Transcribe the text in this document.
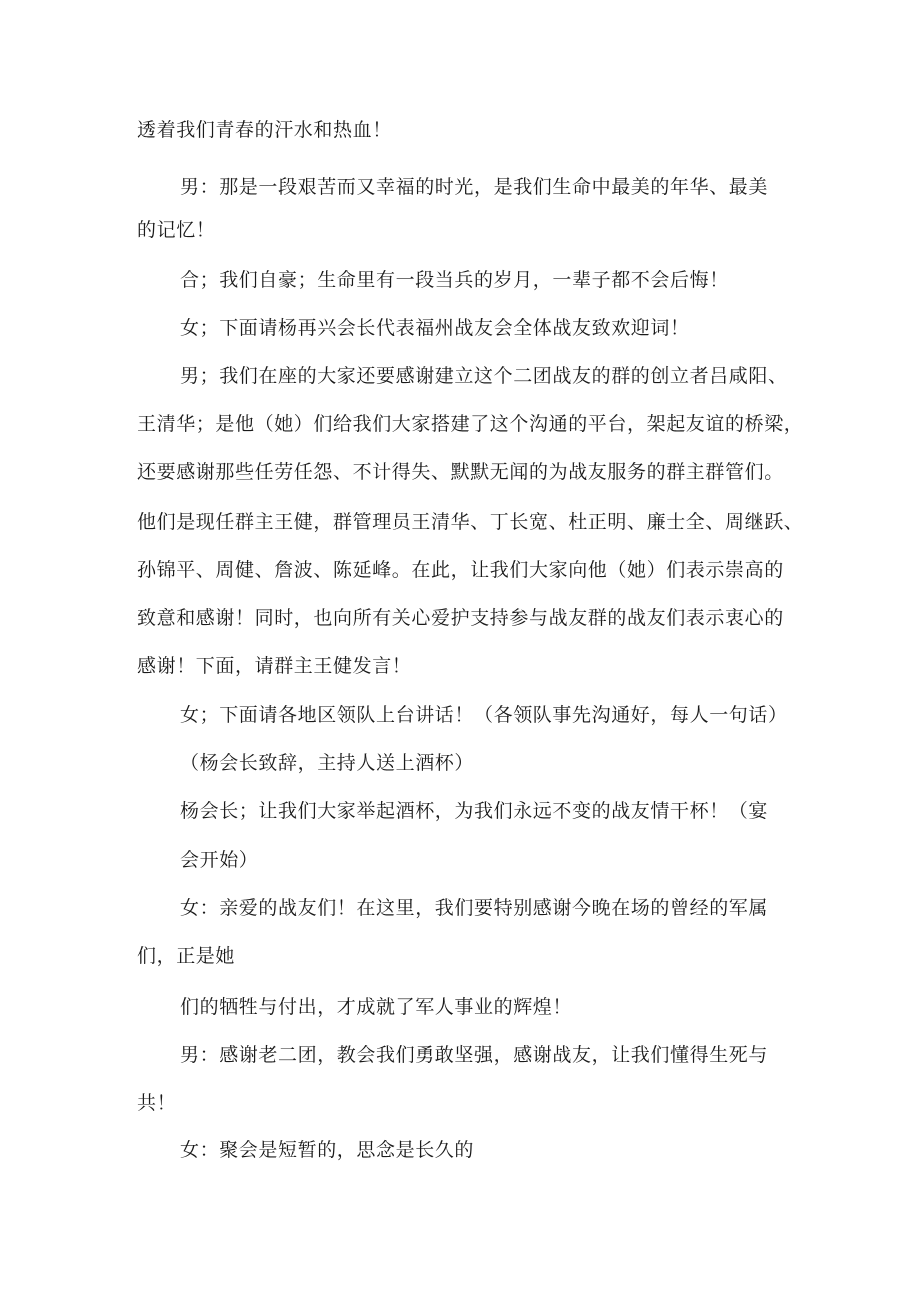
透着我们青春的汗水和热血！
男：那是一段艰苦而又幸福的时光，是我们生命中最美的年华、最美
的记忆！
合；我们自豪；生命里有一段当兵的岁月，一辈子都不会后悔！
女；下面请杨再兴会长代表福州战友会全体战友致欢迎词！
男；我们在座的大家还要感谢建立这个二团战友的群的创立者吕咸阳、
王清华；是他（她）们给我们大家搭建了这个沟通的平台，架起友谊的桥梁，
还要感谢那些任劳任怨、不计得失、默默无闻的为战友服务的群主群管们。
他们是现任群主王健，群管理员王清华、丁长宽、杜正明、廉士全、周继跃、
孙锦平、周健、詹波、陈延峰。在此，让我们大家向他（她）们表示崇高的
致意和感谢！同时，也向所有关心爱护支持参与战友群的战友们表示衷心的
感谢！下面，请群主王健发言！
女；下面请各地区领队上台讲话！（各领队事先沟通好，每人一句话）
（杨会长致辞，主持人送上酒杯）
杨会长；让我们大家举起酒杯，为我们永远不变的战友情干杯！（宴
会开始）
女：亲爱的战友们！在这里，我们要特别感谢今晚在场的曾经的军属
们，正是她
们的牺牲与付出，才成就了军人事业的辉煌！
男：感谢老二团，教会我们勇敢坚强，感谢战友，让我们懂得生死与
共！
女：聚会是短暂的，思念是长久的
